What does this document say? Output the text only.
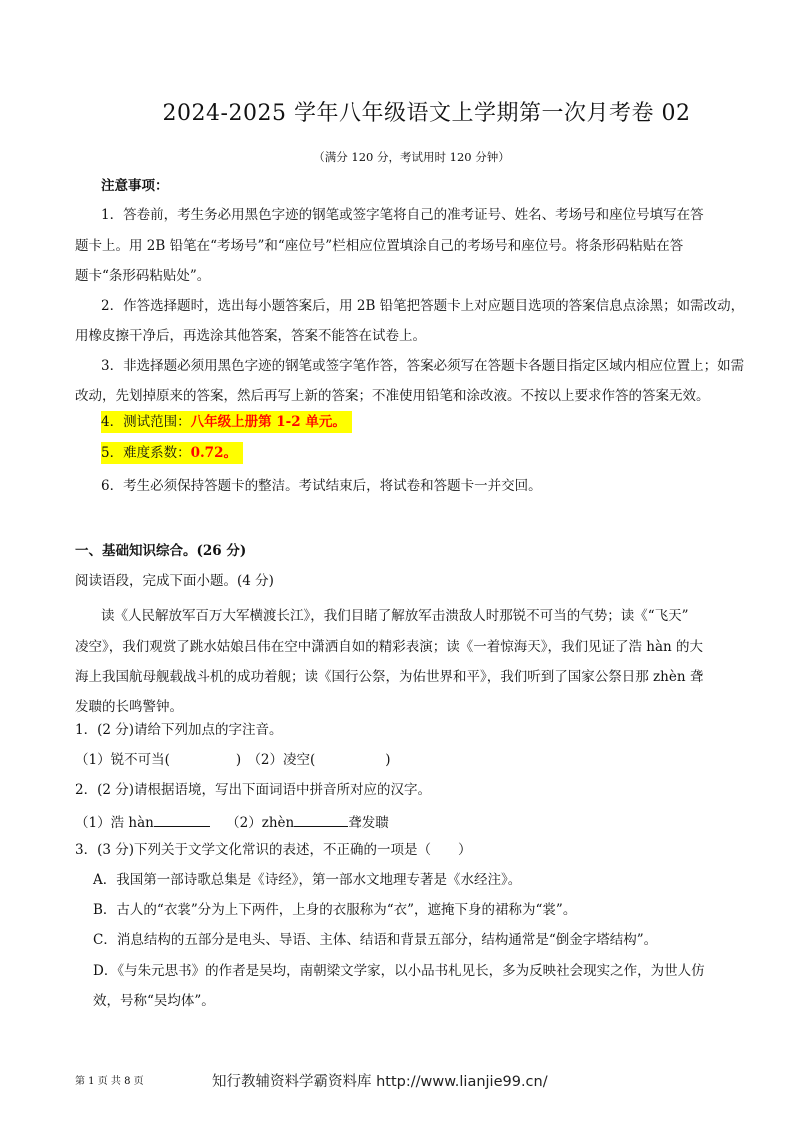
2024-2025 学年八年级语文上学期第一次月考卷 02
（满分 120 分，考试用时 120 分钟）
注意事项：
1．答卷前，考生务必用黑色字迹的钢笔或签字笔将自己的准考证号、姓名、考场号和座位号填写在答
题卡上。用 2B 铅笔在“考场号”和“座位号”栏相应位置填涂自己的考场号和座位号。将条形码粘贴在答
题卡“条形码粘贴处”。
2．作答选择题时，选出每小题答案后，用 2B 铅笔把答题卡上对应题目选项的答案信息点涂黑；如需改动，
用橡皮擦干净后，再选涂其他答案，答案不能答在试卷上。
3．非选择题必须用黑色字迹的钢笔或签字笔作答，答案必须写在答题卡各题目指定区域内相应位置上；如需
改动，先划掉原来的答案，然后再写上新的答案；不准使用铅笔和涂改液。不按以上要求作答的答案无效。
4．测试范围：八年级上册第 1-2 单元。
5．难度系数：0.72。
6．考生必须保持答题卡的整洁。考试结束后，将试卷和答题卡一并交回。
一、基础知识综合。(26 分)
阅读语段，完成下面小题。(4 分)
读《人民解放军百万大军横渡长江》，我们目睹了解放军击溃敌人时那锐不可当的气势；读《“飞天”
凌空》，我们观赏了跳水姑娘吕伟在空中潇洒自如的精彩表演；读《一着惊海天》，我们见证了浩 hàn 的大
海上我国航母舰载战斗机的成功着舰；读《国行公祭，为佑世界和平》，我们听到了国家公祭日那 zhèn 聋
发聩的长鸣警钟。
1．(2 分)请给下列加点的字注音。
（1）锐不可当(	) （2）凌空(	)
2．(2 分)请根据语境，写出下面词语中拼音所对应的汉字。
（1）浩 hàn	（2）zhèn	聋发聩
3．(3 分)下列关于文学文化常识的表述，不正确的一项是（　　）
A．我国第一部诗歌总集是《诗经》，第一部水文地理专著是《水经注》。
B．古人的“衣裳”分为上下两件，上身的衣服称为“衣”，遮掩下身的裙称为“裳”。
C．消息结构的五部分是电头、导语、主体、结语和背景五部分，结构通常是“倒金字塔结构”。
D．《与朱元思书》的作者是吴均，南朝梁文学家，以小品书札见长，多为反映社会现实之作，为世人仿
效，号称“吴均体”。
第 1 页 共 8 页	知行教辅资料学霸资料库 http://www.lianjie99.cn/
